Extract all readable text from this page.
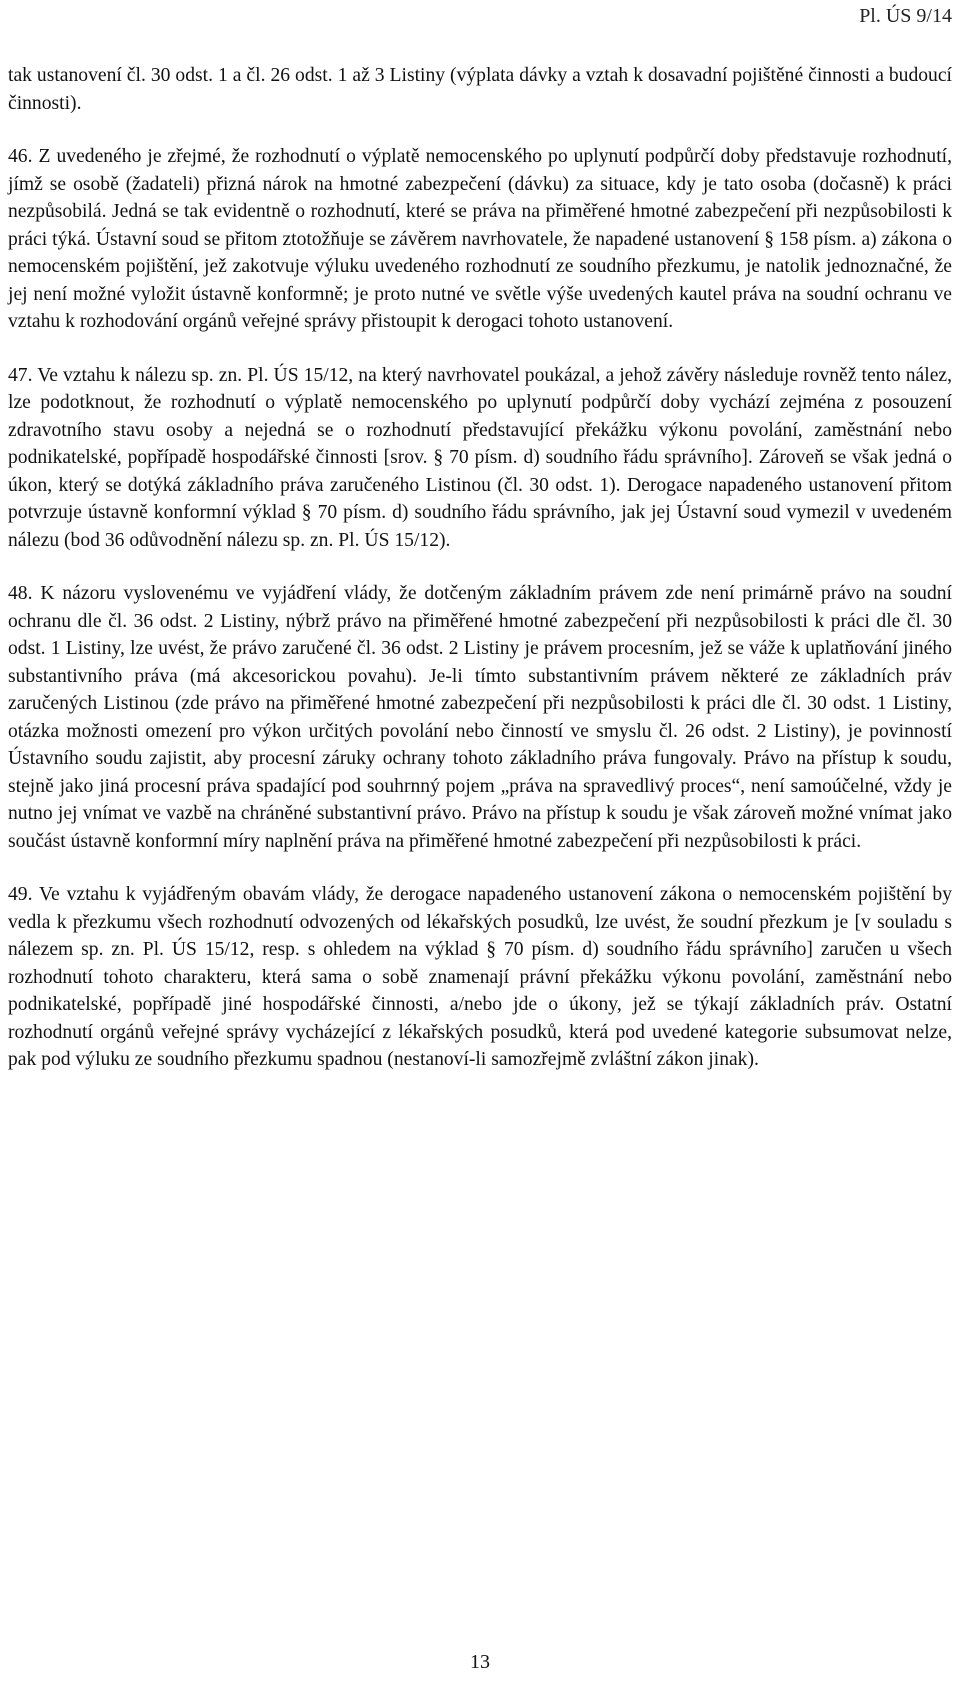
Pl. ÚS 9/14

tak ustanovení čl. 30 odst. 1 a čl. 26 odst. 1 až 3 Listiny (výplata dávky a vztah k dosavadní pojištěné činnosti a budoucí činnosti).

46. Z uvedeného je zřejmé, že rozhodnutí o výplatě nemocenského po uplynutí podpůrčí doby představuje rozhodnutí, jímž se osobě (žadateli) přizná nárok na hmotné zabezpečení (dávku) za situace, kdy je tato osoba (dočasně) k práci nezpůsobilá. Jedná se tak evidentně o rozhodnutí, které se práva na přiměřené hmotné zabezpečení při nezpůsobilosti k práci týká. Ústavní soud se přitom ztotožňuje se závěrem navrhovatele, že napadené ustanovení § 158 písm. a) zákona o nemocenském pojištění, jež zakotvuje výluku uvedeného rozhodnutí ze soudního přezkumu, je natolik jednoznačné, že jej není možné vyložit ústavně konformně; je proto nutné ve světle výše uvedených kautel práva na soudní ochranu ve vztahu k rozhodování orgánů veřejné správy přistoupit k derogaci tohoto ustanovení.

47. Ve vztahu k nálezu sp. zn. Pl. ÚS 15/12, na který navrhovatel poukázal, a jehož závěry následuje rovněž tento nález, lze podotknout, že rozhodnutí o výplatě nemocenského po uplynutí podpůrčí doby vychází zejména z posouzení zdravotního stavu osoby a nejedná se o rozhodnutí představující překážku výkonu povolání, zaměstnání nebo podnikatelské, popřípadě hospodářské činnosti [srov. § 70 písm. d) soudního řádu správního]. Zároveň se však jedná o úkon, který se dotýká základního práva zaručeného Listinou (čl. 30 odst. 1). Derogace napadeného ustanovení přitom potvrzuje ústavně konformní výklad § 70 písm. d) soudního řádu správního, jak jej Ústavní soud vymezil v uvedeném nálezu (bod 36 odůvodnění nálezu sp. zn. Pl. ÚS 15/12).

48. K názoru vyslovenému ve vyjádření vlády, že dotčeným základním právem zde není primárně právo na soudní ochranu dle čl. 36 odst. 2 Listiny, nýbrž právo na přiměřené hmotné zabezpečení při nezpůsobilosti k práci dle čl. 30 odst. 1 Listiny, lze uvést, že právo zaručené čl. 36 odst. 2 Listiny je právem procesním, jež se váže k uplatňování jiného substantivního práva (má akcesorickou povahu). Je-li tímto substantivním právem některé ze základních práv zaručených Listinou (zde právo na přiměřené hmotné zabezpečení při nezpůsobilosti k práci dle čl. 30 odst. 1 Listiny, otázka možnosti omezení pro výkon určitých povolání nebo činností ve smyslu čl. 26 odst. 2 Listiny), je povinností Ústavního soudu zajistit, aby procesní záruky ochrany tohoto základního práva fungovaly. Právo na přístup k soudu, stejně jako jiná procesní práva spadající pod souhrnný pojem „práva na spravedlivý proces“, není samoúčelné, vždy je nutno jej vnímat ve vazbě na chráněné substantivní právo. Právo na přístup k soudu je však zároveň možné vnímat jako součást ústavně konformní míry naplnění práva na přiměřené hmotné zabezpečení při nezpůsobilosti k práci.

49. Ve vztahu k vyjádřeným obavám vlády, že derogace napadeného ustanovení zákona o nemocenském pojištění by vedla k přezkumu všech rozhodnutí odvozených od lékařských posudků, lze uvést, že soudní přezkum je [v souladu s nálezem sp. zn. Pl. ÚS 15/12, resp. s ohledem na výklad § 70 písm. d) soudního řádu správního] zaručen u všech rozhodnutí tohoto charakteru, která sama o sobě znamenají právní překážku výkonu povolání, zaměstnání nebo podnikatelské, popřípadě jiné hospodářské činnosti, a/nebo jde o úkony, jež se týkají základních práv. Ostatní rozhodnutí orgánů veřejné správy vycházející z lékařských posudků, která pod uvedené kategorie subsumovat nelze, pak pod výluku ze soudního přezkumu spadnou (nestanoví-li samozřejmě zvláštní zákon jinak).

13
